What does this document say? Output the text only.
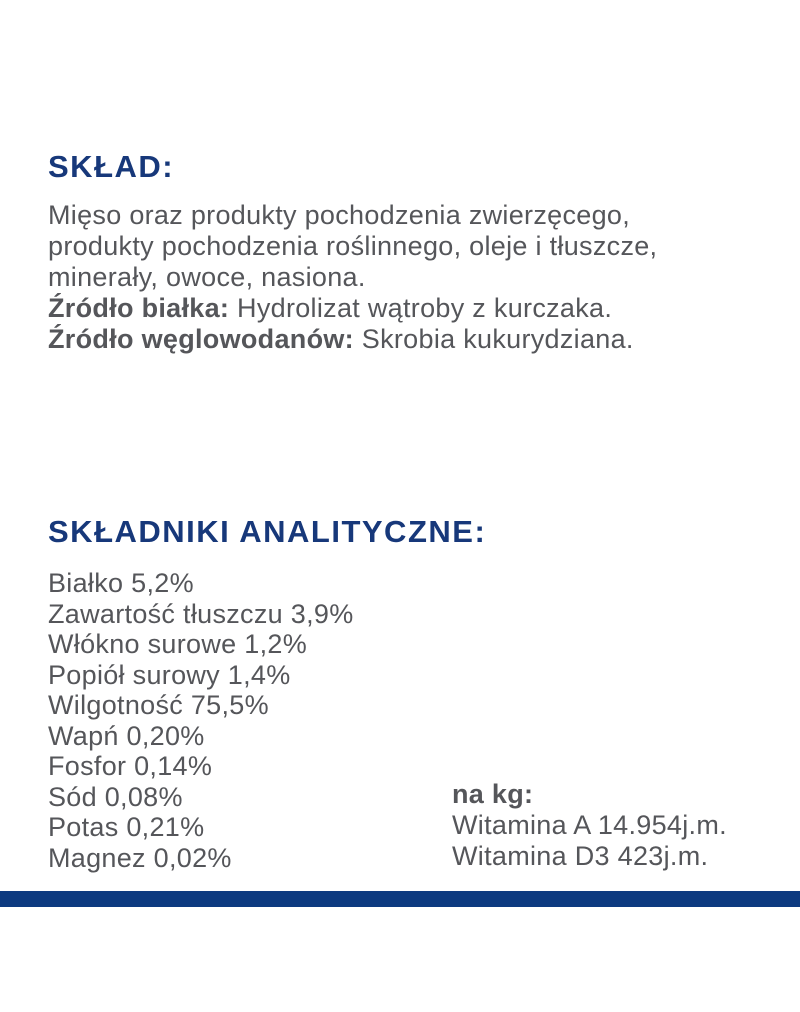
SKŁAD:
Mięso oraz produkty pochodzenia zwierzęcego,
produkty pochodzenia roślinnego, oleje i tłuszcze,
minerały, owoce, nasiona.
Źródło białka: Hydrolizat wątroby z kurczaka.
Źródło węglowodanów: Skrobia kukurydziana.
SKŁADNIKI ANALITYCZNE:
Białko 5,2%
Zawartość tłuszczu 3,9%
Włókno surowe 1,2%
Popiół surowy 1,4%
Wilgotność 75,5%
Wapń 0,20%
Fosfor 0,14%
Sód 0,08%
Potas 0,21%
Magnez 0,02%
na kg:
Witamina A 14.954j.m.
Witamina D3 423j.m.
